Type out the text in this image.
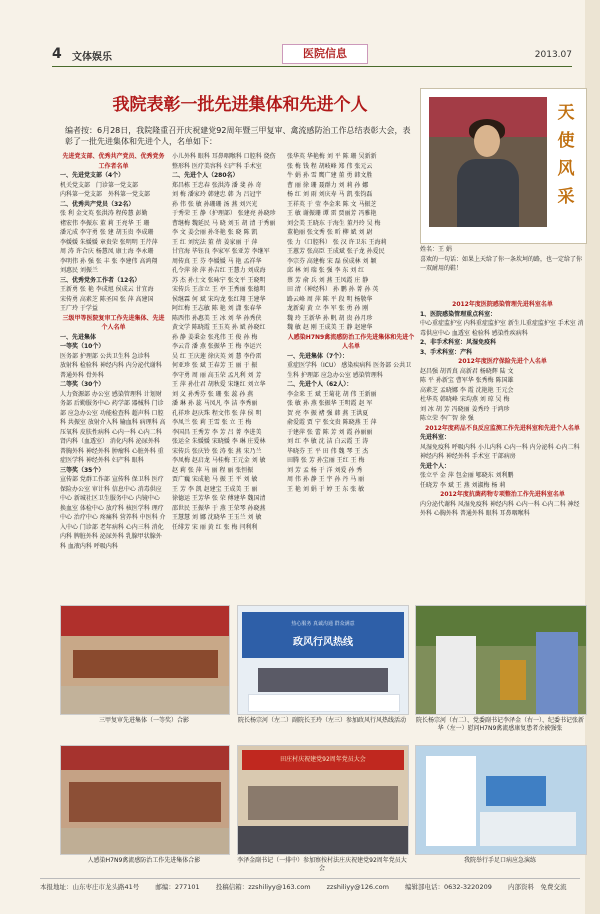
4 文体娱乐	医院信息	2013.07
我院表彰一批先进集体和先进个人
编者按：6月28日，我院隆重召开庆祝建党92周年暨三甲复审、禽流感防治工作总结表彰大会，表彰了一批先进集体和先进个人，名单如下：
先进党支部、优秀共产党员、优秀党务工作者名单
一、先进党支部（4个）
机关党支部　门诊第一党支部
内科第一党支部　外科第一党支部
二、优秀共产党员（32名）
张 利 金文英 张洪涛 程传慧 彭勤
褚宏伟 李振东 董 莉 王亮华 王 珊
潘元成 李守勇 张 建 胡玉贵 李成珊
李媛媛 朱媛媛 章贵荣 张明明 王芹萍
周 涛 许合庆 杨慧凤 康士海 李永珊
李明伟 孙 强 张 丰 张 李建伟 高鸿翔
刘惠民 刘振兰
三、优秀党务工作者（12名）
王新勇 张 艳 李成旭 侯成云 甘宜海
宋传勇 高素芝 陈圣国 张 萍 高建国
王广玲 于学益
三级甲等医院复审工作先进集体、先进个人名单
一、先进集体
一等奖（10个）
医务部 护理部 公共卫生科 急诊科
放射科 检验科 神经内科 内分泌代谢科
普通外科 骨外科
二等奖（30个）
人力资源部 办公室 感染管理科 计划财务部 后勤服务中心 药学部 器械科 门诊部 应急办公室 功能检查科 超声科 口腔科 共振室 放射介入科 输血科 病理科 高压氧科 皮肤性病科 心内一科 心内二科 肾内科（血透室） 消化内科 泌尿外科 普胸外科 神经外科 肿瘤科 心脏外科 重症医学科 神经外科 妇产科 眼科
三等奖（35个）
宣传部 党群工作部 宣传科 保卫科 医疗保险办公室 审计科 信息中心 消毒供应中心 新城社区卫生服务中心 内镜中心 换血室 体检中心 放疗科 核医学科 理疗中心 治疗中心 疼痛科 营养科 中医科 介入中心 门诊部 老年病科 心内三科 消化内科 脾脏外科 泌尿外科 乳腺甲状腺外科 血液内科 呼吸内科
小儿外科 眼科 耳鼻咽喉科 口腔科 烧伤整形科 医疗美容科 妇产科 手术室
二、先进个人（280名）
郑昌栋 王忠春 张洪涛 潘 斐 孙 奇
刘 梅 潘家玲 韩建忠 韩 为 吕冠宇
孙 伟 张 敏 孙珊珊 汤 燕 刘兴光
于秀荣 王 静（护理部） 张建亮 孙晓珍
曹继梅 魏延民 马 晓 刘玉 胡 清 于秀丽
李 文 姜会丽 孙冬艳 张 晓 陈 凯
王 红 刘宪法 董 蓓 姜家丽 于 萍
甘宜海 毕钰良 李家军 张亚芳 李继军
周传真 王 芬 李媛媛 马 艳 孟祥华
孔令萍 徐 萍 孙吉红 王慧力 刘成海
苏 杰 孙士文 张咏宁 张文平 王晓明
宋传兵 王彦立 王 亭 王秀丽 张德明
侯继霖 何 斌 宋均龙 张红翔 王建华
阿红梅 王志敏 陈 艳 刘 潇 张春华
陈西伟 孙惠美 王 冰 刘 华 孙秀侠
黄文学 陈晓霞 王玉英 孙 斌 孙晓红
孙 静 姜秉金 张兆伟 王 俊 孙 梅
李云青 潘 燕 张振华 王 梅 李运兴
吴 红 王庆莲 徐庆英 刘 慧 李伶雷
何亚珍 张 斌 王春芳 王 丽 于 振
李守勇 周 丽 高玉荣 孟凡利 刘 芳
王 萍 孙仕君 胡秋爱 宋继红 刘立华
刘 义 孙秀芬 张 珊 张 蕊 孙 燕
潘 琳 孙 蕊 马凤凡 李 洁 李秀丽
孔祥珍 赵庆珠 程文伟 张 萍 侯 明
李凤兰 张 莉 王雪 张 立 王 梅
李国昌 王秀芳 李 芳 吕 菁 李进美
张运全 朱媛媛 宋晓媛 李 琳 庄爱林
宋传兵 张庆铃 张 涛 张 燕 宋乃兰
李凤梅 赵启龙 马桂梅 王元金 刘 敏
赵 莉 张 萍 马 丽 程 丽 张恒振
贾广巍 宋成艳 马 振 王 平 刘 敏
王 芳 李 凯 赵建宝 王成美 王 丽
徐德运 王芳华 张 荣 傅建华 魏国清
邵世民 王振华 于 燕 王荣琴 孙晓燕
王慧慧 刘 娜 沈晓华 王玉兰 刘 敏
任绯芳 宋 丽 黄 红 张 梅 闫利利
张华英 华艳梅 刘 平 陈 珊 吴新新
张 梅 钱 程 胡岐峰 郑 伟 张元云
牛 娟 孙 雪 鹰广建 董 勇 韩文胜
曹 丽 徐 珊 聂群力 刘 莉 孙 娜
杨 红 刘 雨 刘庆寿 马 凯 张钧磊
王祥英 于 莹 李金来 陈 文 马振芝
王 敏 谢振珊 谭 雷 贾丽芳 冯雅艳
刘会美 王晓东 于海生 董丹玲 吴 梅
董艳丽 张文秀 张 昕 柳 斌 刘 尉
张 力（口腔科） 张 汉 许卫东 王海莉
王蕙芳 张高臣 王成斌 张子龙 孙爱民
李宗芬 高建梅 宋 磊 侯成林 刘 颖
邱 林 刘 瑞 张 强 李 东 刘 红
蔡 芳 俞 兵 刘 燕 王凤霞 庄 静
田 清（神经科） 孙 鹏 孙 菁 孙 英
路云峰 周 萍 陈 平 段 明 杨敬华
龙新菊 黄 立 李 军 张 勇 孙 刚
魏 玲 王新华 孙 帆 胡 贵 孙月珍
魏 敏 赵 刚 王成美 王 静 赵建华
人感染H7N9禽流感防治工作先进集体和先进个人名单
一、先进集体（7个）：
重症医学科（ICU） 感染疾病科 医务部 公共卫生科 护理部 应急办公室 感染管理科
二、先进个人（62人）：
李金来 王 斌 王菊花 胡 伟 王新丽
张 敏 孙 燕 张振华 王明霞 赵 军
贺 亮 李 振 褚 强 韩 燕 王洪夏
俞爱霞 贾 宁 张文贵 陈晓燕 王 萍
于建萍 张 蕾 陈 芳 刘 霞 孙丽丽
刘 红 李 敏 沈 洁 白云霞 王 涛
毕晓芬 王 平 田 伟 魏 琴 王 杰
田腾 张 芳 孙宝丽 王红 王 梅
刘 芳 孟 杨 于 洋 刘爱 孙 秀
周 伟 孙 静 王 宇 孙 丹 马 丽
王 艳 刘 娟 于 婷 王 东 张 敏
天使风采
姓名：王 娟
喜欢的一句话：如果上天给了你一条坎坷的路，也一定给了你一双耐用的鞋！
2012年度医院感染管理先进科室名单
1、医院感染管理重点科室：
中心重症监护室 内科重症监护室 新生儿重症监护室 手术室 消毒供应中心 血透室 检验科 感染性疾病科
2、非手术科室：风湿免疫科
3、手术科室：产科
2012年度医疗保险先进个人名单
赵昌强 胡晋真 高新君 杨晓辉 陆 文
陈 平 孙新宝 曹军华 张秀梅 陈国雄
高素芝 孟晓娜 李 霞 沈艳艳 王元会
杜华英 韩晓峰 宋均燕 刘 琼 吴 梅
刘 冰 胡 芳 冯晓丽 姜秀玲 于鸿珍
陈立荣 李广智 徐 强
2012年度药品不良反应监测工作先进科室和先进个人名单
先进科室：
风湿免疫科 呼吸内科 小儿内科 心内一科 内分泌科 心内二科 神经内科 神经外科 手术室 干部病房
先进个人：
张立平 金 萍 包金丽 郇晓东 刘利鹏
任晓芳 李 斌 王 燕 刘淑梅 杨 莉
2012年度抗菌药物专项整治工作先进科室名单
内分泌代谢科 风湿免疫科 神经内科 心内一科 心内二科 神经外科 心胸外科 普通外科 眼科 耳鼻咽喉科
三甲复审先进集体（一等奖）合影
热心服务 真诚沟通 群众满意
政风行风热线
院长杨宗河（左二）副院长王玲（左三）参加政风行风热线活动 院长杨宗河（右二）、党委副书记李泽金（右一）、纪委书记张新华（左一）慰问H7N9禽流感康复患者余被强张
人感染H7N9禽流感防治工作先进集体合影
田庄村庆祝建党92周年党员大会
李泽金副书记（一排中）参加察按村法庄庆祝建党92周年党员大会
我院举行手足口病应急演练
本报地址：山东枣庄市龙头路41号 邮编：277101 投稿信箱：zzshiliyy@163.com zzshiliyy@126.com 编辑部电话：0632-3220209 内部资料　免费交流
